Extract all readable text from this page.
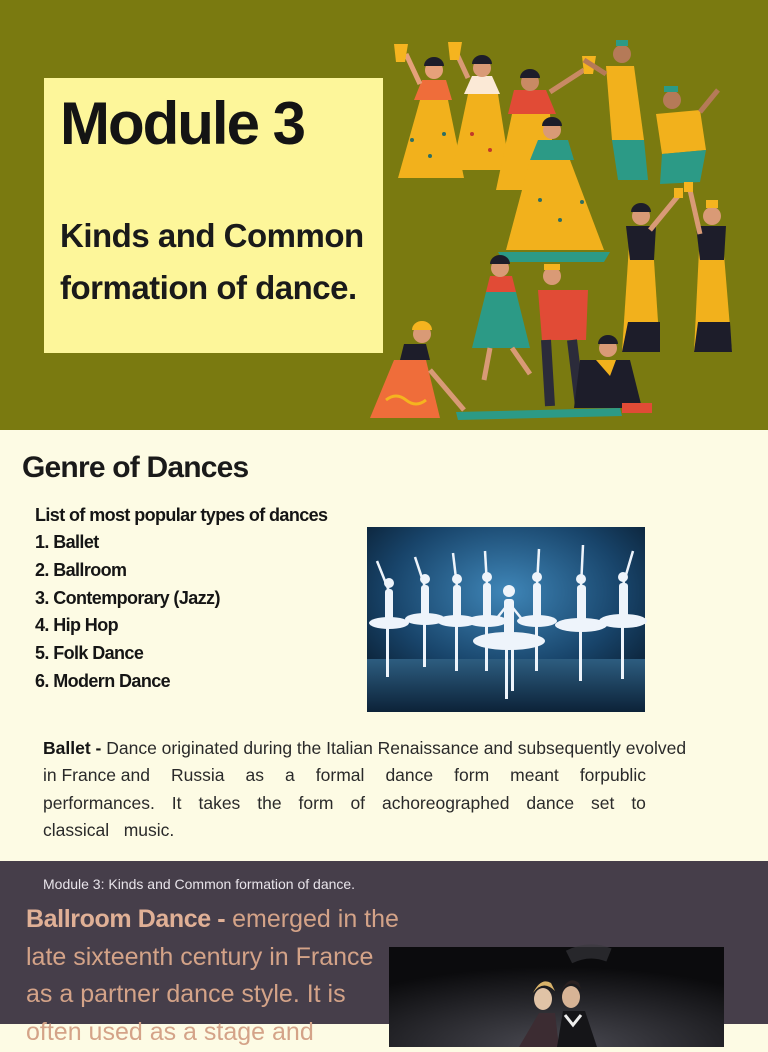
Module 3
Kinds and Common
formation of dance.
Genre of Dances
List of most popular types of dances
1. Ballet
2. Ballroom
3. Contemporary (Jazz)
4. Hip Hop
5. Folk Dance
6. Modern Dance
Ballet - Dance originated during the Italian Renaissance and subsequently evolved
in France and Russia as a formal dance form meant forpublic
performances. It takes the form of achoreographed dance set to
classical   music.
Module 3: Kinds and Common formation of dance.
Ballroom Dance - emerged in the
late sixteenth century in France
as a partner dance style. It is
often used as a stage and
